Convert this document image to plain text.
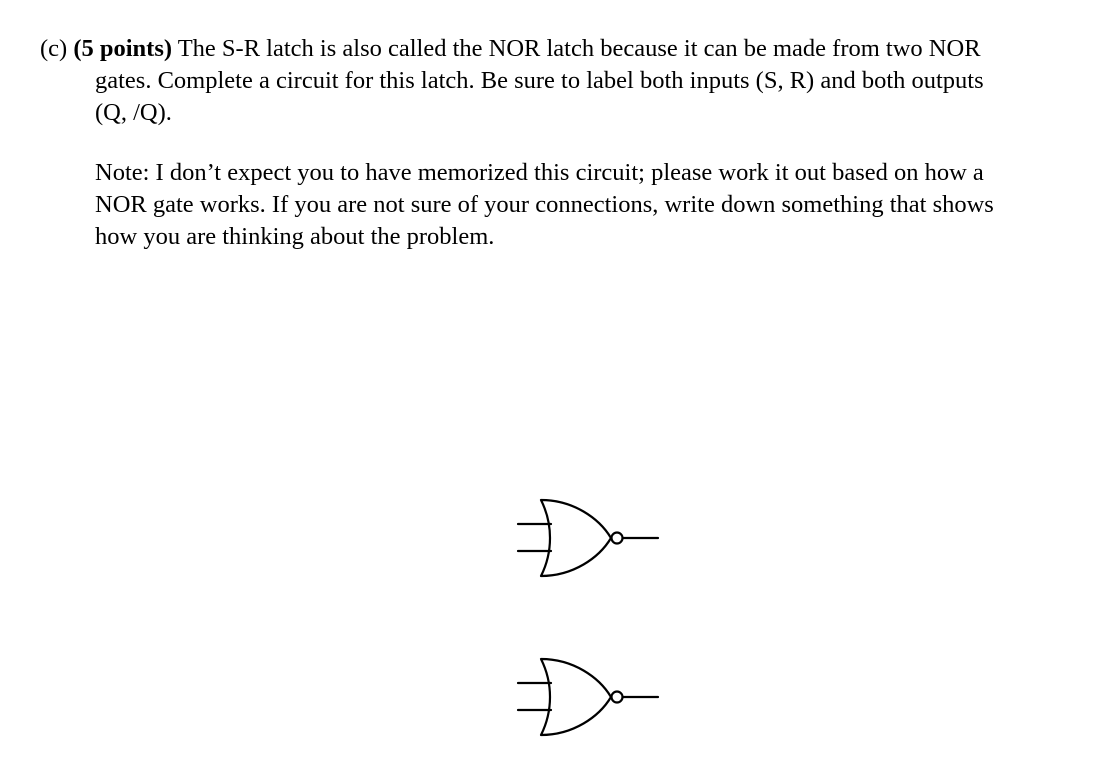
(c) (5 points) The S-R latch is also called the NOR latch because it can be made from two NOR
gates. Complete a circuit for this latch. Be sure to label both inputs (S, R) and both outputs
(Q, /Q).
Note: I don’t expect you to have memorized this circuit; please work it out based on how a
NOR gate works. If you are not sure of your connections, write down something that shows
how you are thinking about the problem.
